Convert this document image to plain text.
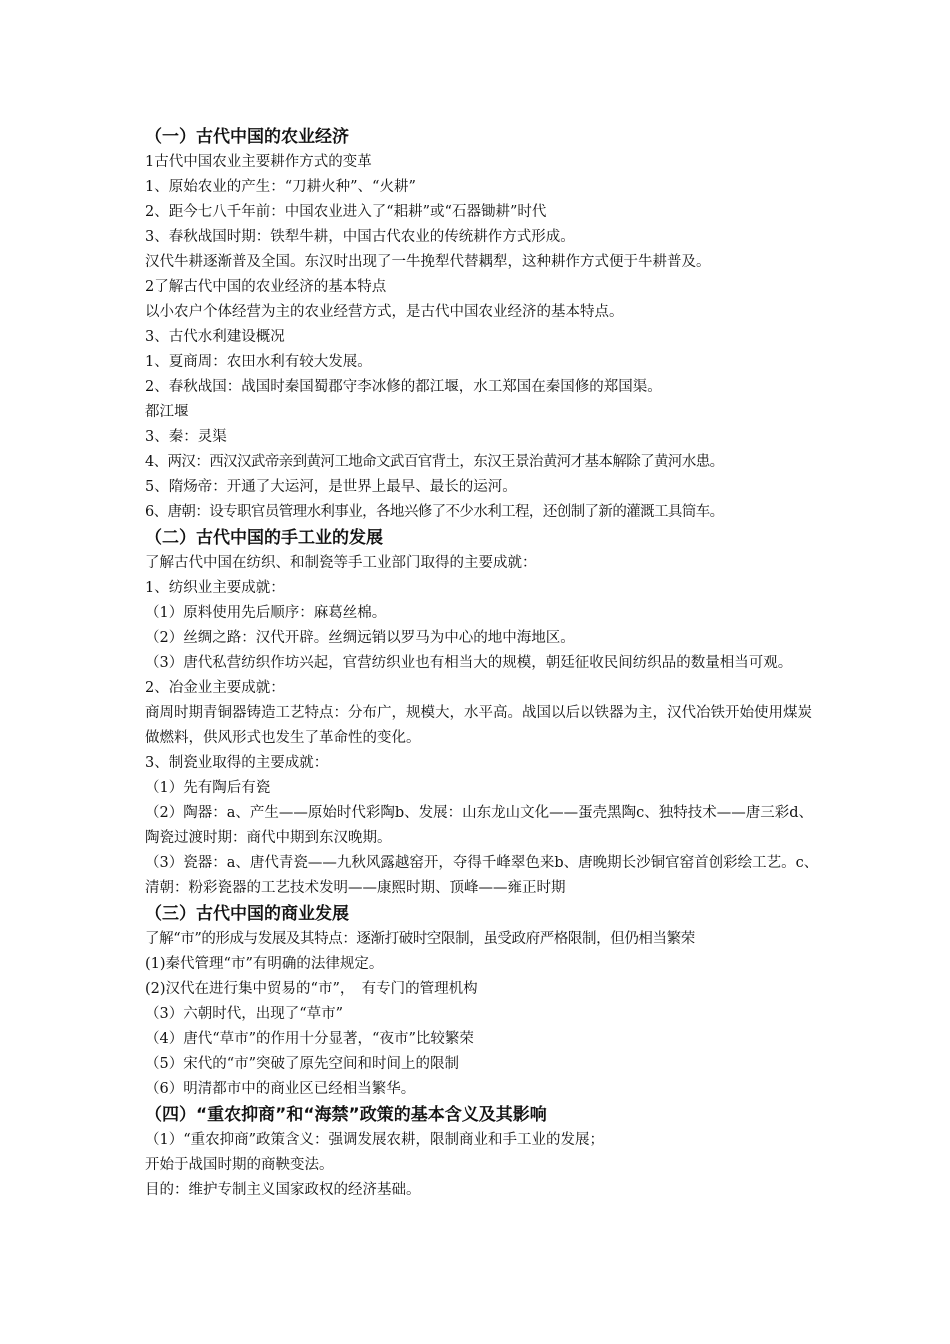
（一）古代中国的农业经济

1古代中国农业主要耕作方式的变革

1、原始农业的产生：“刀耕火种”、“火耕”

2、距今七八千年前：中国农业进入了“耜耕”或“石器锄耕”时代

3、春秋战国时期：铁犁牛耕，中国古代农业的传统耕作方式形成。

汉代牛耕逐渐普及全国。东汉时出现了一牛挽犁代替耦犁，这种耕作方式便于牛耕普及。

2了解古代中国的农业经济的基本特点

以小农户个体经营为主的农业经营方式，是古代中国农业经济的基本特点。

3、古代水利建设概况

1、夏商周：农田水利有较大发展。

2、春秋战国：战国时秦国蜀郡守李冰修的都江堰，水工郑国在秦国修的郑国渠。

都江堰

3、秦：灵渠

4、两汉：西汉汉武帝亲到黄河工地命文武百官背土，东汉王景治黄河才基本解除了黄河水患。

5、隋炀帝：开通了大运河，是世界上最早、最长的运河。

6、唐朝：设专职官员管理水利事业，各地兴修了不少水利工程，还创制了新的灌溉工具筒车。

（二）古代中国的手工业的发展

了解古代中国在纺织、和制瓷等手工业部门取得的主要成就：

1、纺织业主要成就：

（1）原料使用先后顺序：麻葛丝棉。

（2）丝绸之路：汉代开辟。丝绸远销以罗马为中心的地中海地区。

（3）唐代私营纺织作坊兴起，官营纺织业也有相当大的规模，朝廷征收民间纺织品的数量相当可观。

2、冶金业主要成就：

商周时期青铜器铸造工艺特点：分布广，规模大，水平高。战国以后以铁器为主，汉代冶铁开始使用煤炭做燃料，供风形式也发生了革命性的变化。

3、制瓷业取得的主要成就：

（1）先有陶后有瓷

（2）陶器：a、产生——原始时代彩陶b、发展：山东龙山文化——蛋壳黑陶c、独特技术——唐三彩d、陶瓷过渡时期：商代中期到东汉晚期。

（3）瓷器：a、唐代青瓷——九秋风露越窑开，夺得千峰翠色来b、唐晚期长沙铜官窑首创彩绘工艺。c、清朝：粉彩瓷器的工艺技术发明——康熙时期、顶峰——雍正时期

（三）古代中国的商业发展

了解“市”的形成与发展及其特点：逐渐打破时空限制，虽受政府严格限制，但仍相当繁荣

(1)秦代管理“市”有明确的法律规定。

(2)汉代在进行集中贸易的“市”，　有专门的管理机构

（3）六朝时代，出现了“草市”

（4）唐代“草市”的作用十分显著，“夜市”比较繁荣

（5）宋代的“市”突破了原先空间和时间上的限制

（6）明清都市中的商业区已经相当繁华。

（四）“重农抑商”和“海禁”政策的基本含义及其影响

（1）“重农抑商”政策含义：强调发展农耕，限制商业和手工业的发展；

开始于战国时期的商鞅变法。

目的：维护专制主义国家政权的经济基础。
